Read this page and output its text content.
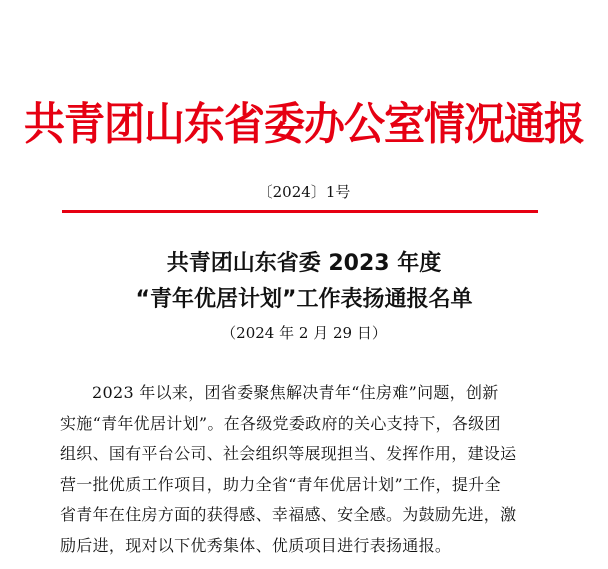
共青团山东省委办公室情况通报
〔2024〕1号
共青团山东省委 2023 年度
“青年优居计划”工作表扬通报名单
（2024 年 2 月 29 日）
2023 年以来，团省委聚焦解决青年“住房难”问题，创新
实施“青年优居计划”。在各级党委政府的关心支持下，各级团
组织、国有平台公司、社会组织等展现担当、发挥作用，建设运
营一批优质工作项目，助力全省“青年优居计划”工作，提升全
省青年在住房方面的获得感、幸福感、安全感。为鼓励先进，激
励后进，现对以下优秀集体、优质项目进行表扬通报。
